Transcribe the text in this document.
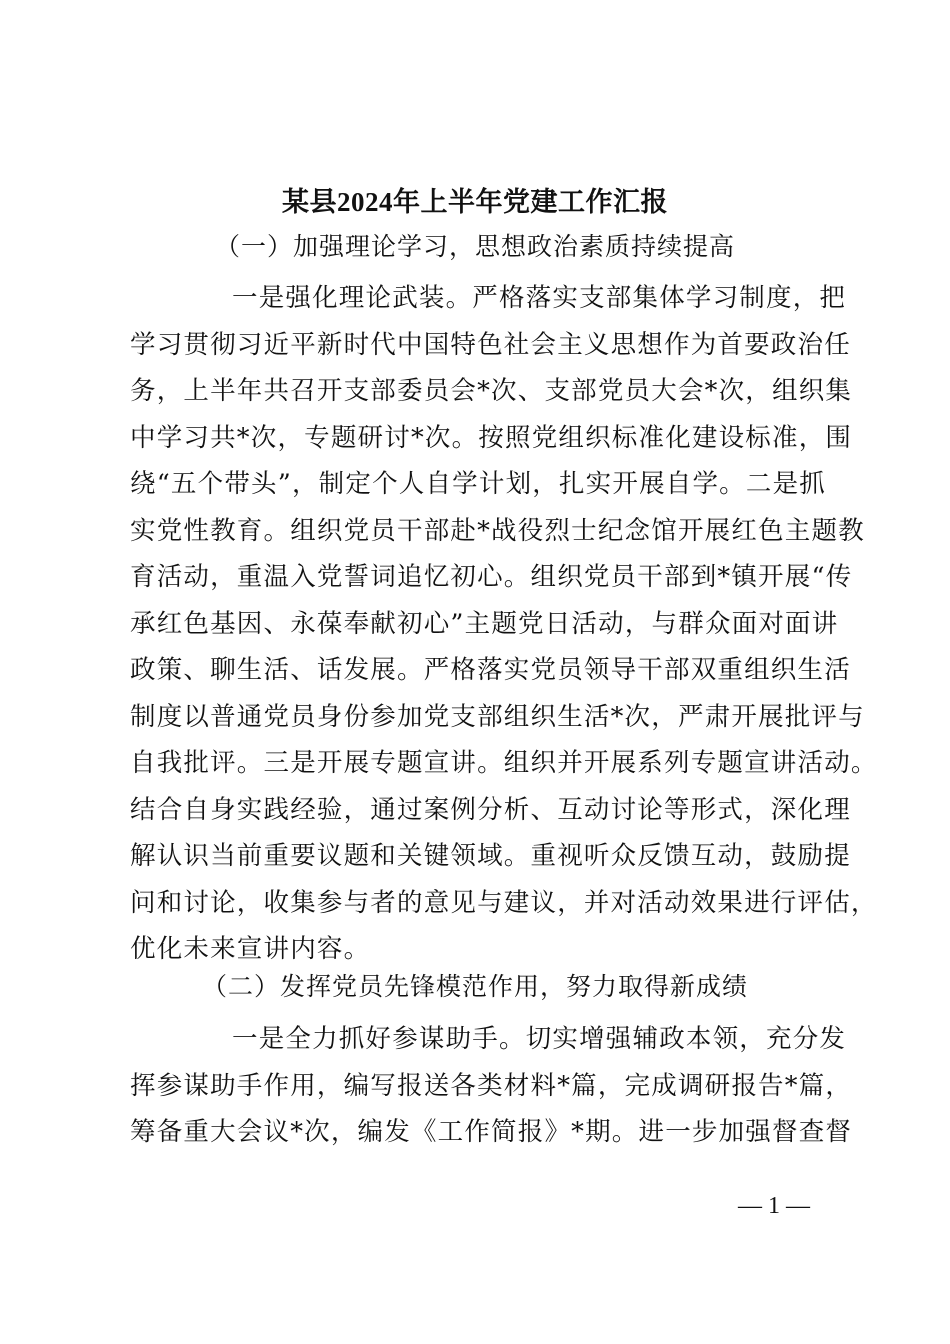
某县2024年上半年党建工作汇报
（一）加强理论学习，思想政治素质持续提高
一是强化理论武装。严格落实支部集体学习制度，把
学习贯彻习近平新时代中国特色社会主义思想作为首要政治任
务，上半年共召开支部委员会*次、支部党员大会*次，组织集
中学习共*次，专题研讨*次。按照党组织标准化建设标准，围
绕“五个带头”，制定个人自学计划，扎实开展自学。二是抓
实党性教育。组织党员干部赴*战役烈士纪念馆开展红色主题教
育活动，重温入党誓词追忆初心。组织党员干部到*镇开展“传
承红色基因、永葆奉献初心”主题党日活动，与群众面对面讲
政策、聊生活、话发展。严格落实党员领导干部双重组织生活
制度以普通党员身份参加党支部组织生活*次，严肃开展批评与
自我批评。三是开展专题宣讲。组织并开展系列专题宣讲活动。
结合自身实践经验，通过案例分析、互动讨论等形式，深化理
解认识当前重要议题和关键领域。重视听众反馈互动，鼓励提
问和讨论，收集参与者的意见与建议，并对活动效果进行评估，
优化未来宣讲内容。
（二）发挥党员先锋模范作用，努力取得新成绩
一是全力抓好参谋助手。切实增强辅政本领，充分发
挥参谋助手作用，编写报送各类材料*篇，完成调研报告*篇，
筹备重大会议*次，编发《工作简报》*期。进一步加强督查督
— 1 —
